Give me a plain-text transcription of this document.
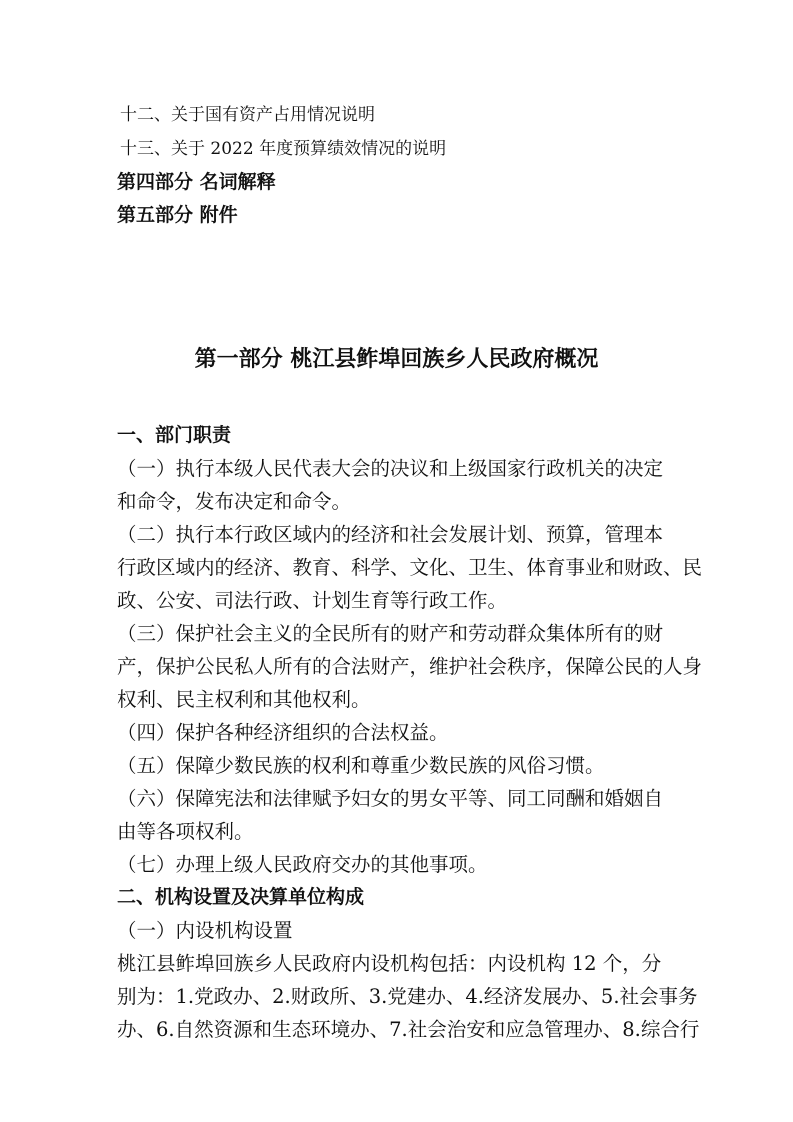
十二、关于国有资产占用情况说明
十三、关于 2022 年度预算绩效情况的说明
第四部分 名词解释
第五部分 附件
第一部分 桃江县鲊埠回族乡人民政府概况
一、部门职责
（一）执行本级人民代表大会的决议和上级国家行政机关的决定
和命令，发布决定和命令。
（二）执行本行政区域内的经济和社会发展计划、预算，管理本
行政区域内的经济、教育、科学、文化、卫生、体育事业和财政、民
政、公安、司法行政、计划生育等行政工作。
（三）保护社会主义的全民所有的财产和劳动群众集体所有的财
产，保护公民私人所有的合法财产，维护社会秩序，保障公民的人身
权利、民主权利和其他权利。
（四）保护各种经济组织的合法权益。
（五）保障少数民族的权利和尊重少数民族的风俗习惯。
（六）保障宪法和法律赋予妇女的男女平等、同工同酬和婚姻自
由等各项权利。
（七）办理上级人民政府交办的其他事项。
二、机构设置及决算单位构成
（一）内设机构设置
桃江县鲊埠回族乡人民政府内设机构包括：内设机构 12 个，分
别为：1.党政办、2.财政所、3.党建办、4.经济发展办、5.社会事务
办、6.自然资源和生态环境办、7.社会治安和应急管理办、8.综合行
